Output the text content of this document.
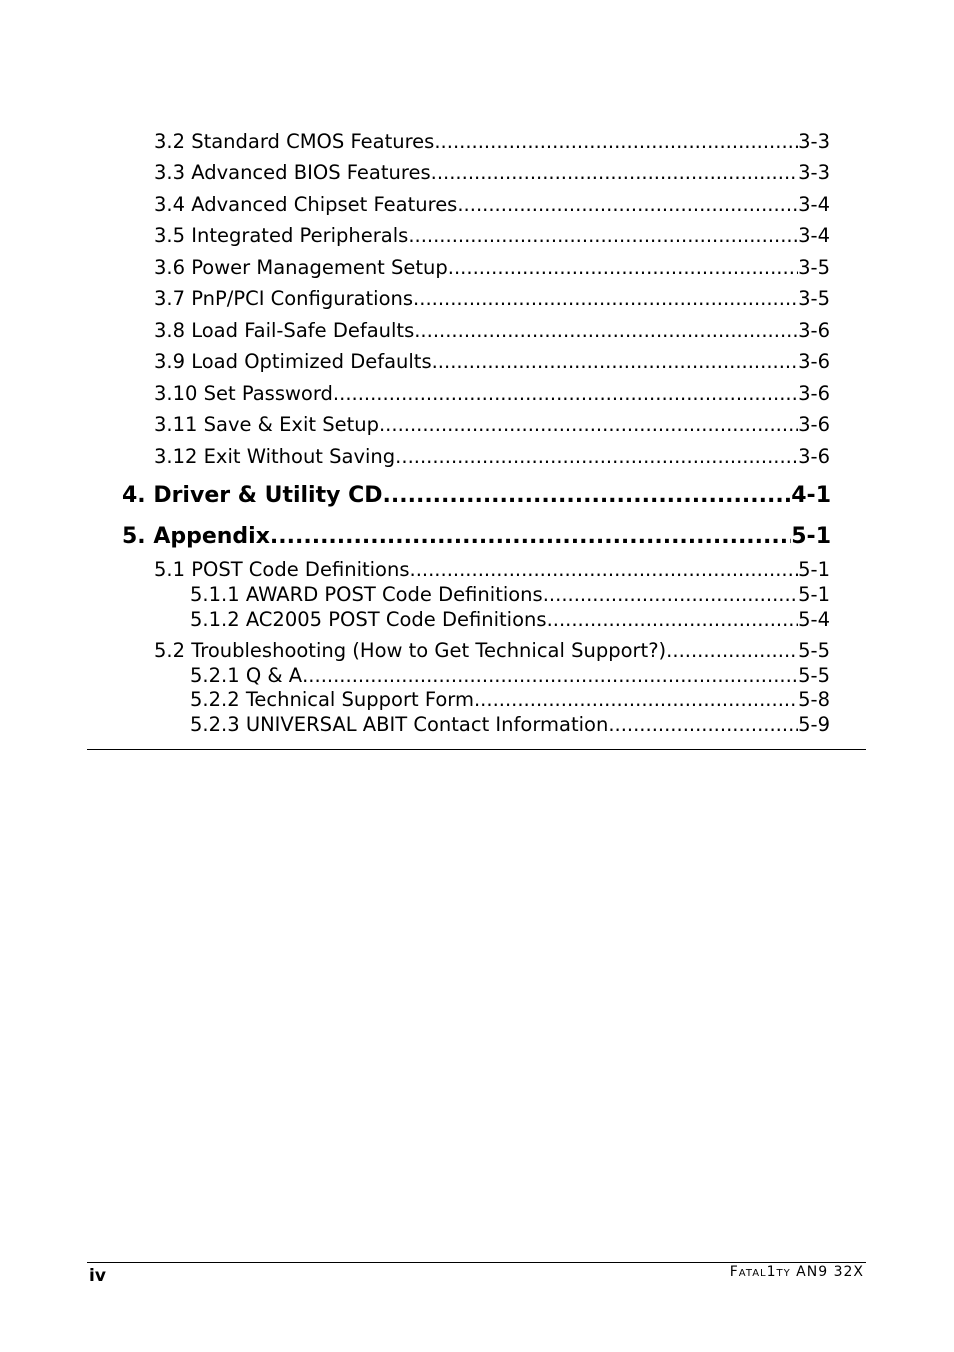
3.2 Standard CMOS Features .....	3-3
3.3 Advanced BIOS Features .....	3-3
3.4 Advanced Chipset Features .....	3-4
3.5 Integrated Peripherals .....	3-4
3.6 Power Management Setup .....	3-5
3.7 PnP/PCI Configurations .....	3-5
3.8 Load Fail-Safe Defaults .....	3-6
3.9 Load Optimized Defaults .....	3-6
3.10 Set Password .....	3-6
3.11 Save & Exit Setup .....	3-6
3.12 Exit Without Saving .....	3-6
4. Driver & Utility CD .....	4-1
5. Appendix .....	5-1
5.1 POST Code Definitions .....	5-1
5.1.1 AWARD POST Code Definitions .....	5-1
5.1.2 AC2005 POST Code Definitions .....	5-4
5.2 Troubleshooting (How to Get Technical Support?) .....	5-5
5.2.1 Q & A .....	5-5
5.2.2 Technical Support Form .....	5-8
5.2.3 UNIVERSAL ABIT Contact Information .....	5-9
iv	Fatal1ty AN9 32X
